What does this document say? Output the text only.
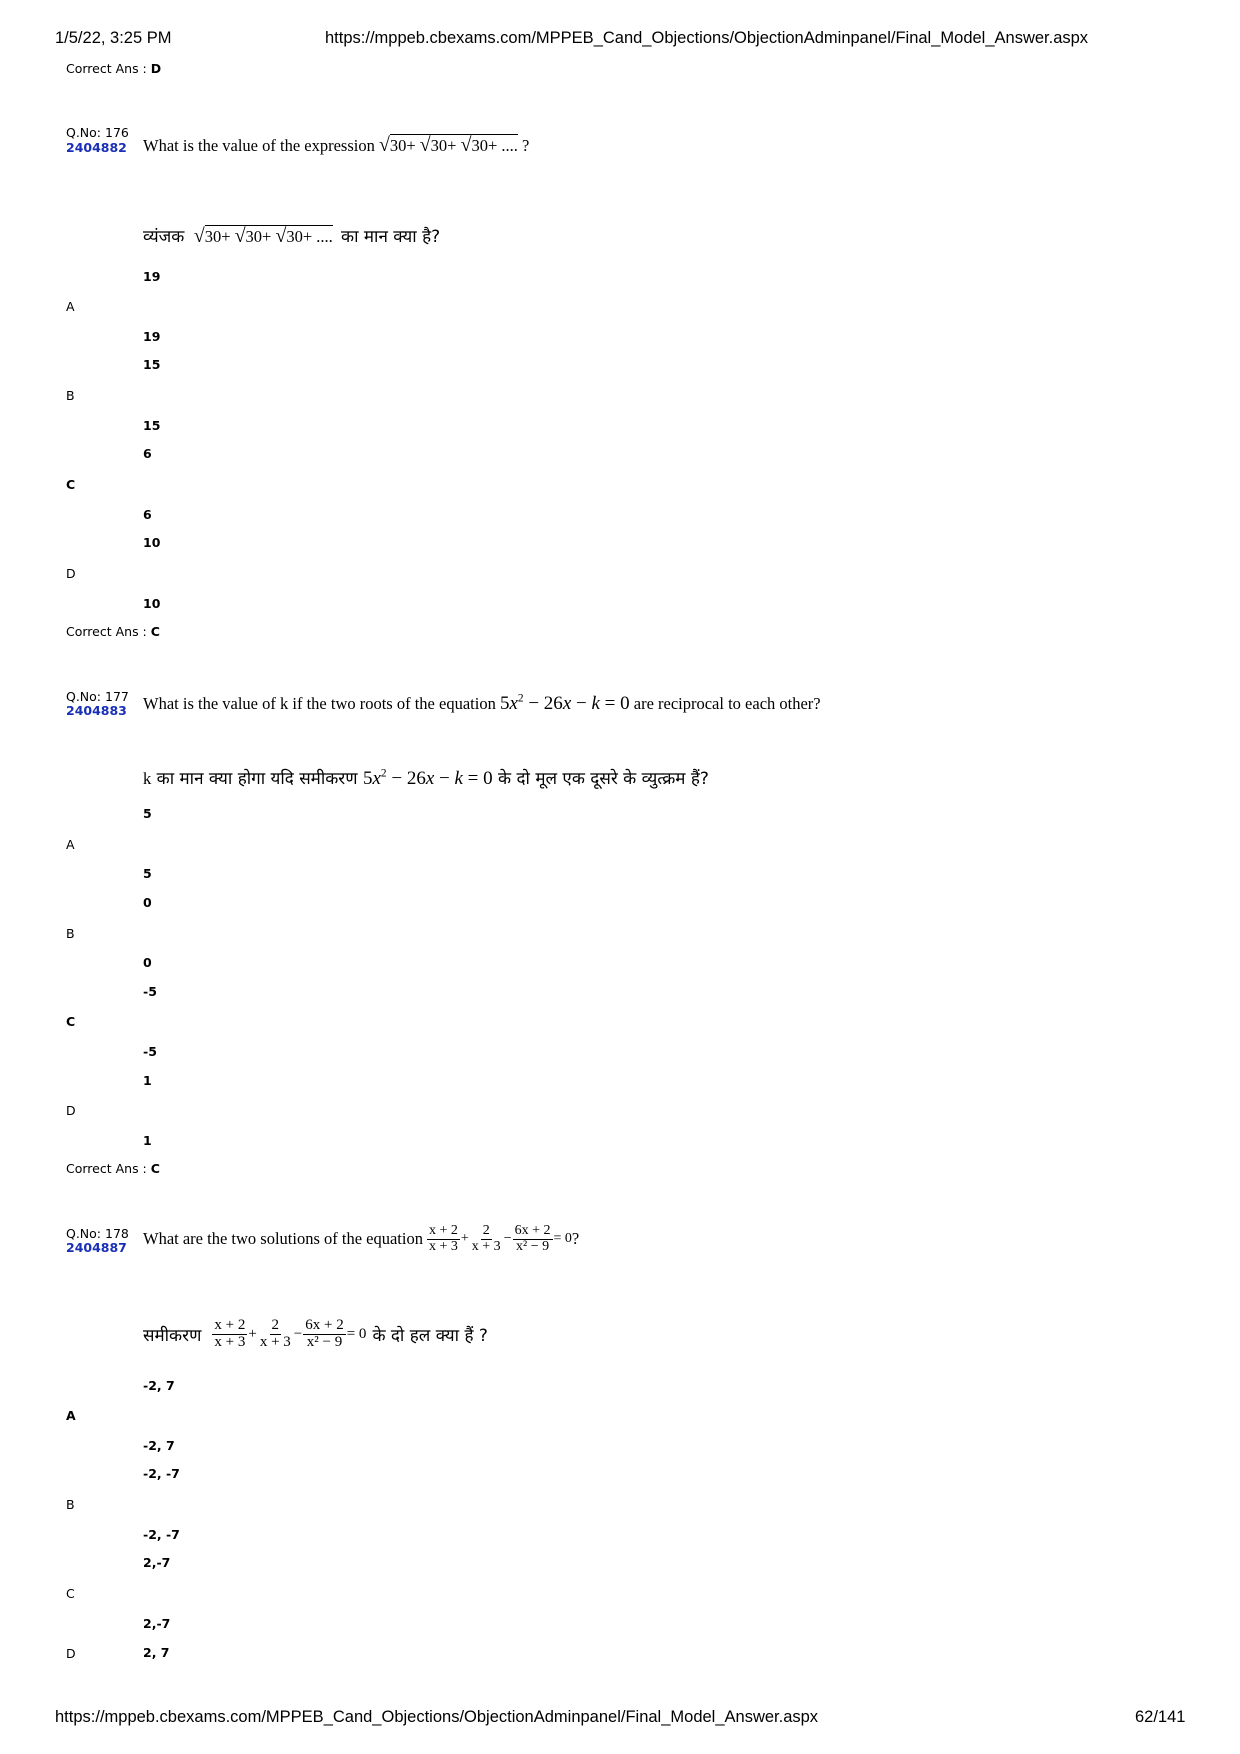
1/5/22, 3:25 PM	https://mppeb.cbexams.com/MPPEB_Cand_Objections/ObjectionAdminpanel/Final_Model_Answer.aspx
Correct Ans : D
Q.No: 176
2404882 What is the value of the expression √30+ √30+ √30+ .... ?
व्यंजक √30+ √30+ √30+ .... का मान क्या है?
19
A
19
15
B
15
6
C
6
10
D
10
Correct Ans : C
Q.No: 177
2404883 What is the value of k if the two roots of the equation $5x^2 - 26x - k = 0$ are reciprocal to each other?
k का मान क्या होगा यदि समीकरण $5x^2 - 26x - k = 0$ के दो मूल एक दूसरे के व्युत्क्रम हैं?
5
A
5
0
B
0
-5
C
-5
1
D
1
Correct Ans : C
Q.No: 178
2404887 What are the two solutions of the equation $\frac{x + 2}{x + 3} + \frac{2}{x + 3} - \frac{6x + 2}{\text{x² − 9}} = 0$ ?
समीकरण $\frac{x + 2}{x + 3} + \frac{2}{x + 3} - \frac{6x + 2}{\text{x² − 9}} = 0$ के दो हल क्या हैं ?
-2, 7
A
-2, 7
-2, -7
B
-2, -7
2,-7
C
2,-7
D	2, 7
https://mppeb.cbexams.com/MPPEB_Cand_Objections/ObjectionAdminpanel/Final_Model_Answer.aspx	62/141
